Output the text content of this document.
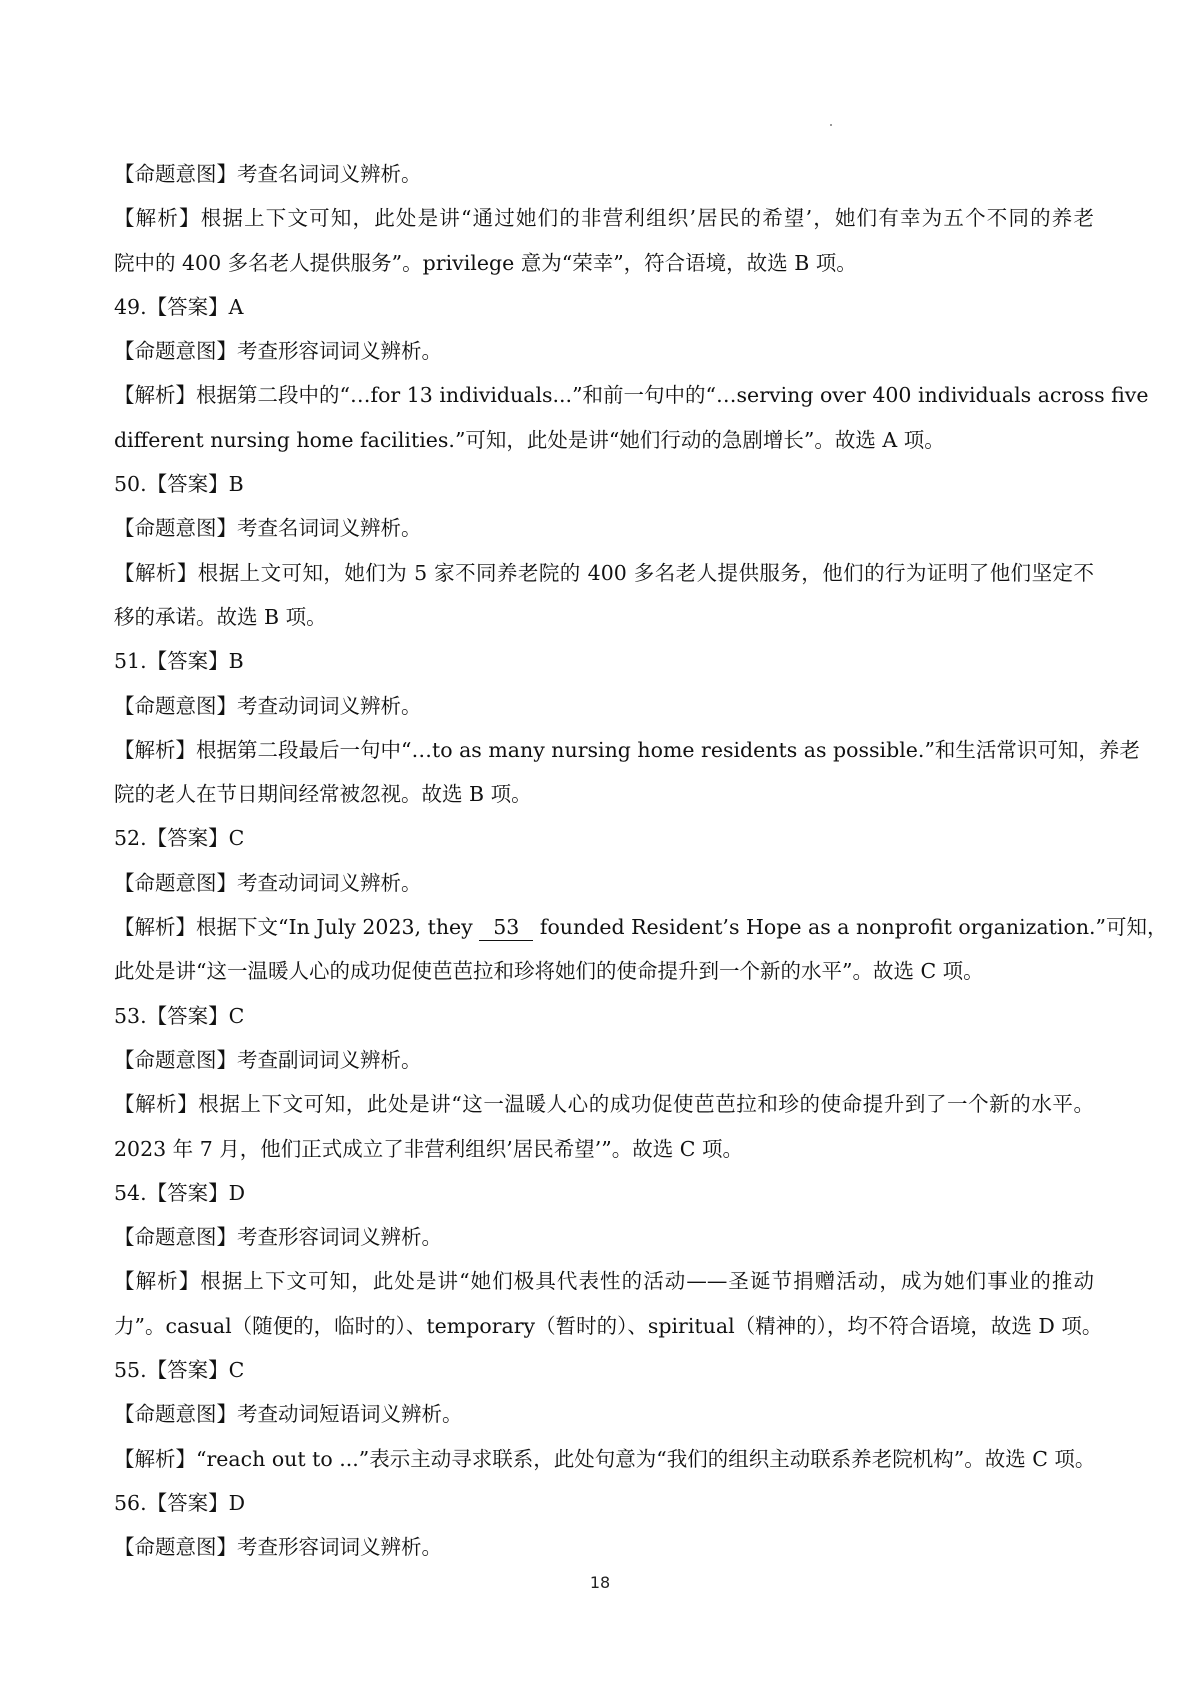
【命题意图】考查名词词义辨析。
【解析】根据上下文可知，此处是讲“通过她们的非营利组织’居民的希望’，她们有幸为五个不同的养老
院中的 400 多名老人提供服务”。privilege 意为“荣幸”，符合语境，故选 B 项。
49.【答案】A
【命题意图】考查形容词词义辨析。
【解析】根据第二段中的“…for 13 individuals...”和前一句中的“…serving over 400 individuals across five
different nursing home facilities.”可知，此处是讲“她们行动的急剧增长”。故选 A 项。
50.【答案】B
【命题意图】考查名词词义辨析。
【解析】根据上文可知，她们为 5 家不同养老院的 400 多名老人提供服务，他们的行为证明了他们坚定不
移的承诺。故选 B 项。
51.【答案】B
【命题意图】考查动词词义辨析。
【解析】根据第二段最后一句中“…to as many nursing home residents as possible.”和生活常识可知，养老
院的老人在节日期间经常被忽视。故选 B 项。
52.【答案】C
【命题意图】考查动词词义辨析。
【解析】根据下文“In July 2023, they 53 founded Resident’s Hope as a nonprofit organization.”可知，
此处是讲“这一温暖人心的成功促使芭芭拉和珍将她们的使命提升到一个新的水平”。故选 C 项。
53.【答案】C
【命题意图】考查副词词义辨析。
【解析】根据上下文可知，此处是讲“这一温暖人心的成功促使芭芭拉和珍的使命提升到了一个新的水平。
2023 年 7 月，他们正式成立了非营利组织’居民希望’”。故选 C 项。
54.【答案】D
【命题意图】考查形容词词义辨析。
【解析】根据上下文可知，此处是讲“她们极具代表性的活动——圣诞节捐赠活动，成为她们事业的推动
力”。casual（随便的，临时的）、temporary（暂时的）、spiritual（精神的），均不符合语境，故选 D 项。
55.【答案】C
【命题意图】考查动词短语词义辨析。
【解析】“reach out to ...”表示主动寻求联系，此处句意为“我们的组织主动联系养老院机构”。故选 C 项。
56.【答案】D
【命题意图】考查形容词词义辨析。
18
